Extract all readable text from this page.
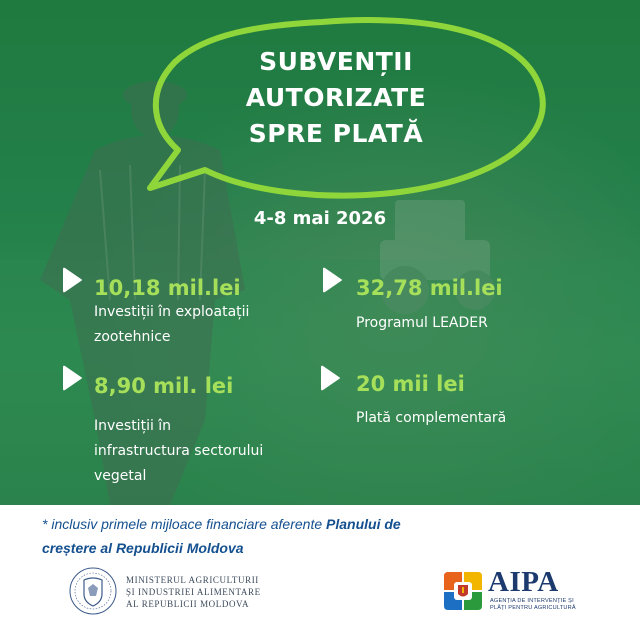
SUBVENȚII
AUTORIZATE
SPRE PLATĂ
4-8 mai 2026
10,18 mil.lei
Investiții în exploatații
zootehnice
32,78 mil.lei
Programul LEADER
8,90 mil. lei
Investiții în
infrastructura sectorului
vegetal
20 mii lei
Plată complementară
* inclusiv primele mijloace financiare aferente Planului de
creștere al Republicii Moldova
MINISTERUL AGRICULTURII
ȘI INDUSTRIEI ALIMENTARE
AL REPUBLICII MOLDOVA
AIPA
AGENȚIA DE INTERVENȚIE ȘI
PLĂȚI PENTRU AGRICULTURĂ
